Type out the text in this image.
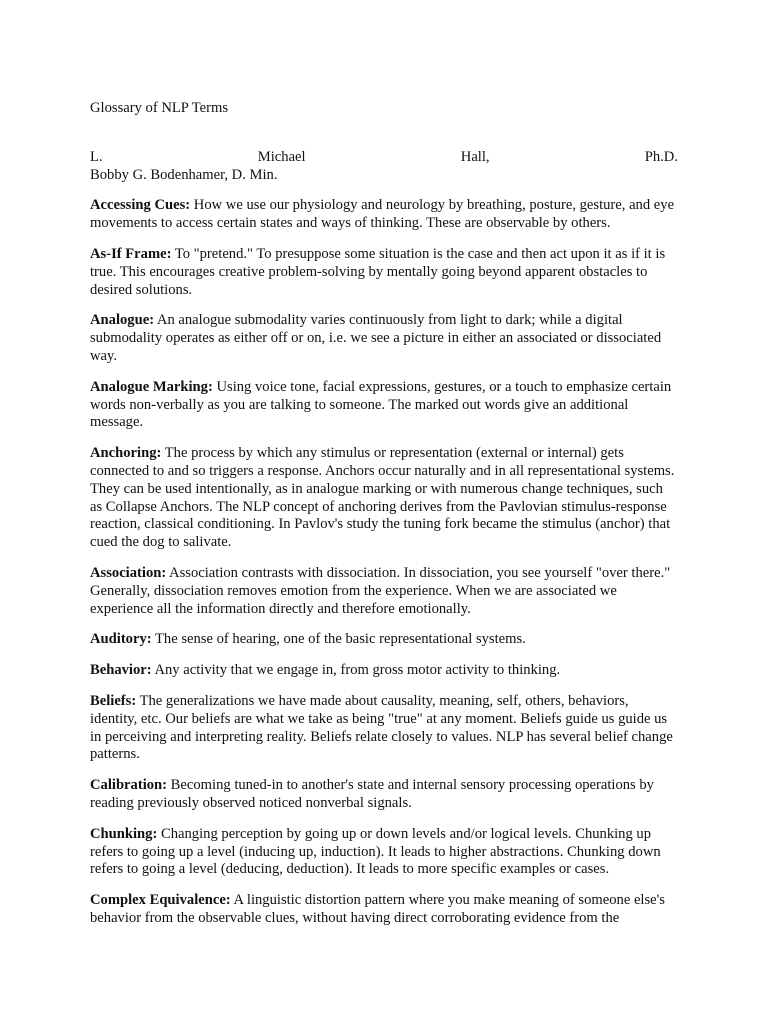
Glossary of NLP Terms
L.	Michael	Hall,	Ph.D.
Bobby G. Bodenhamer, D. Min.

Accessing Cues: How we use our physiology and neurology by breathing, posture, gesture, and eye movements to access certain states and ways of thinking. These are observable by others.

As-If Frame: To "pretend." To presuppose some situation is the case and then act upon it as if it is true. This encourages creative problem-solving by mentally going beyond apparent obstacles to desired solutions.

Analogue: An analogue submodality varies continuously from light to dark; while a digital submodality operates as either off or on, i.e. we see a picture in either an associated or dissociated way.

Analogue Marking: Using voice tone, facial expressions, gestures, or a touch to emphasize certain words non-verbally as you are talking to someone. The marked out words give an additional message.

Anchoring: The process by which any stimulus or representation (external or internal) gets connected to and so triggers a response. Anchors occur naturally and in all representational systems. They can be used intentionally, as in analogue marking or with numerous change techniques, such as Collapse Anchors. The NLP concept of anchoring derives from the Pavlovian stimulus-response reaction, classical conditioning. In Pavlov's study the tuning fork became the stimulus (anchor) that cued the dog to salivate.

Association: Association contrasts with dissociation. In dissociation, you see yourself "over there." Generally, dissociation removes emotion from the experience. When we are associated we experience all the information directly and therefore emotionally.

Auditory: The sense of hearing, one of the basic representational systems.

Behavior: Any activity that we engage in, from gross motor activity to thinking.

Beliefs: The generalizations we have made about causality, meaning, self, others, behaviors, identity, etc. Our beliefs are what we take as being "true" at any moment. Beliefs guide us guide us in perceiving and interpreting reality. Beliefs relate closely to values. NLP has several belief change patterns.

Calibration: Becoming tuned-in to another's state and internal sensory processing operations by reading previously observed noticed nonverbal signals.

Chunking: Changing perception by going up or down levels and/or logical levels. Chunking up refers to going up a level (inducing up, induction). It leads to higher abstractions. Chunking down refers to going a level (deducing, deduction). It leads to more specific examples or cases.

Complex Equivalence: A linguistic distortion pattern where you make meaning of someone else's behavior from the observable clues, without having direct corroborating evidence from the
